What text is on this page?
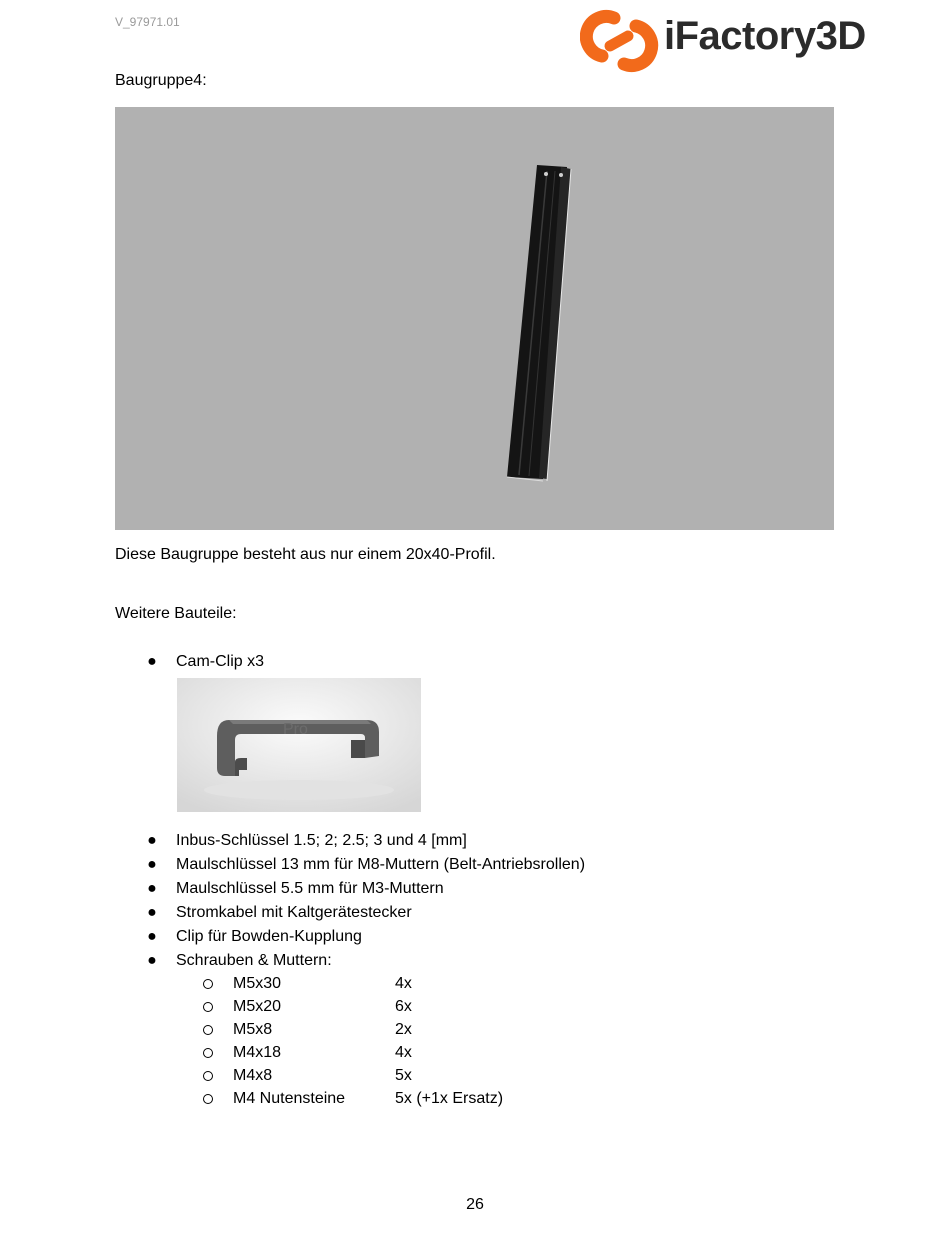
V_97971.01	iFactory3D
Baugruppe4:
Diese Baugruppe besteht aus nur einem 20x40-Profil.
Weitere Bauteile:
● Cam-Clip x3
Pro
● Inbus-Schlüssel 1.5; 2; 2.5; 3 und 4 [mm]
● Maulschlüssel 13 mm für M8-Muttern (Belt-Antriebsrollen)
● Maulschlüssel 5.5 mm für M3-Muttern
● Stromkabel mit Kaltgerätestecker
● Clip für Bowden-Kupplung
● Schrauben & Muttern:
M5x30	4x
M5x20	6x
M5x8	2x
M4x18	4x
M4x8	5x
M4 Nutensteine	5x (+1x Ersatz)
26
